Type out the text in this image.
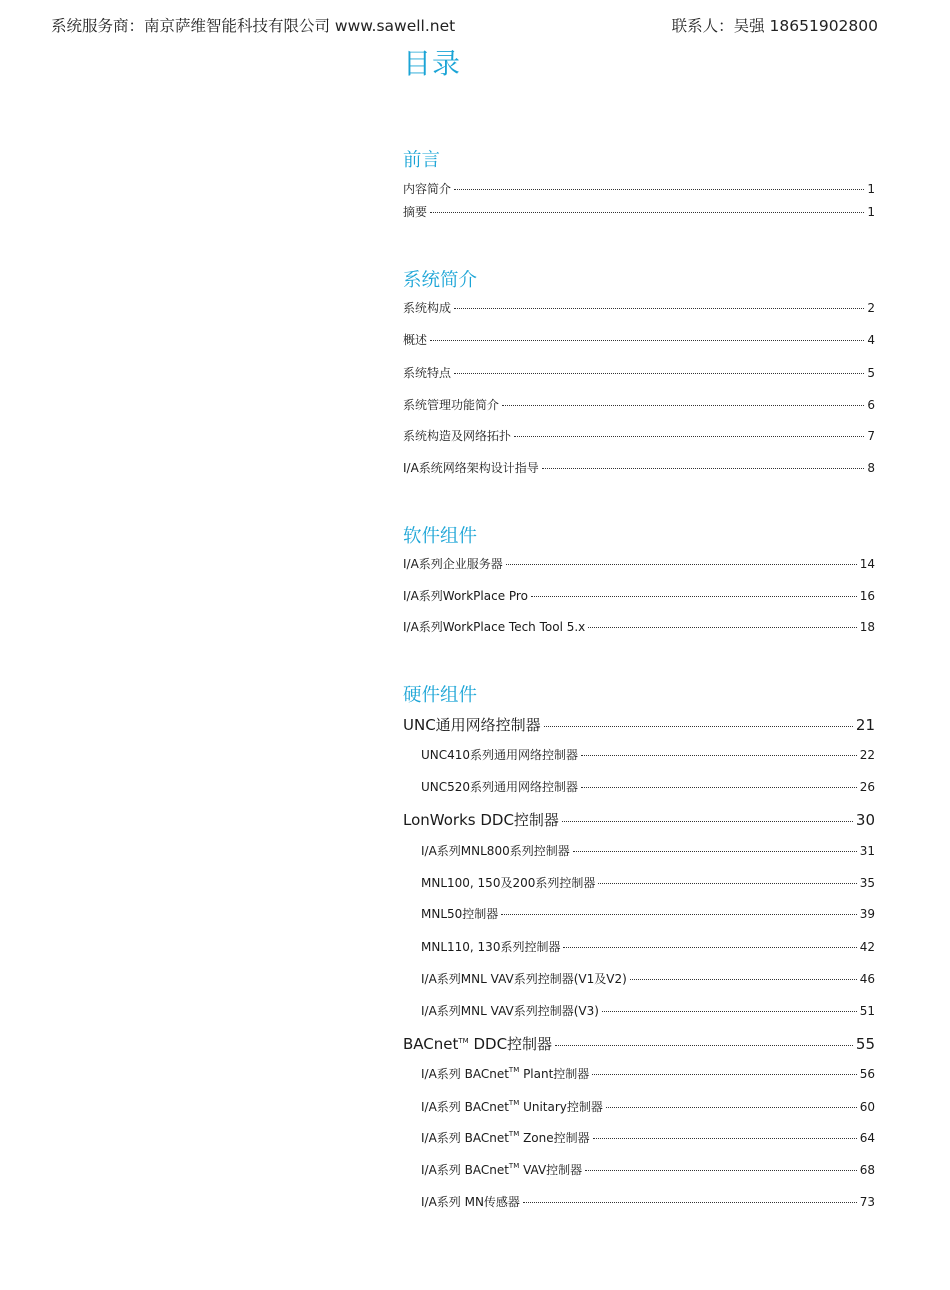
系统服务商：南京萨维智能科技有限公司 www.sawell.net	联系人：吴强 18651902800
目录
前言
内容简介	1
摘要	1
系统简介
系统构成	2
概述	4
系统特点	5
系统管理功能简介	6
系统构造及网络拓扑	7
I/A系统网络架构设计指导	8
软件组件
I/A系列企业服务器	14
I/A系列WorkPlace Pro	16
I/A系列WorkPlace Tech Tool 5.x	18
硬件组件
UNC通用网络控制器	21
UNC410系列通用网络控制器	22
UNC520系列通用网络控制器	26
LonWorks DDC控制器	30
I/A系列MNL800系列控制器	31
MNL100, 150及200系列控制器	35
MNL50控制器	39
MNL110, 130系列控制器	42
I/A系列MNL VAV系列控制器(V1及V2)	46
I/A系列MNL VAV系列控制器(V3)	51
BACnet™ DDC控制器	55
I/A系列 BACnet™ Plant控制器	56
I/A系列 BACnet™ Unitary控制器	60
I/A系列 BACnet™ Zone控制器	64
I/A系列 BACnet™ VAV控制器	68
I/A系列 MN传感器	73
